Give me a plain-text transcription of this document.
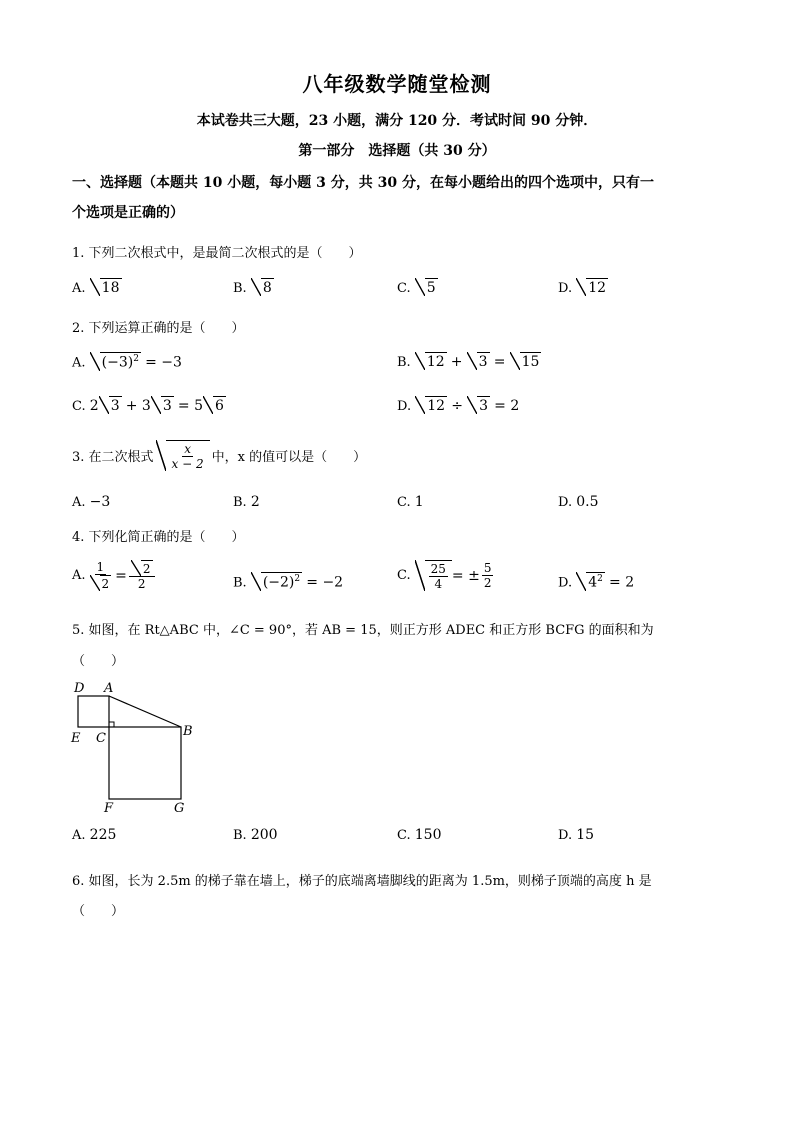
八年级数学随堂检测
本试卷共三大题，23 小题，满分 120 分．考试时间 90 分钟．
第一部分　选择题（共 30 分）
一、选择题（本题共 10 小题，每小题 3 分，共 30 分，在每小题给出的四个选项中，只有一
个选项是正确的）
1. 下列二次根式中，是最简二次根式的是（　　）
A. 18	B. 8	C. 5	D. 12
2. 下列运算正确的是（　　）
A. $(-3)^2 = -3$	B. 12 + 3 = 15
C. 2 3 + 3 3 = 5 6	D. 12 ÷ 3 = 2
3. 在二次根式 $\frac{x}{x - 2}$ 中，x 的值可以是（　　）
A. −3	B. 2	C. 1	D. 0.5
4. 下列化简正确的是（　　）
A. $\frac{1}{2} = \frac{2}{2}$	B. $(-2)^2 = -2$	C. $\frac{25}{4}$ = ± $\frac{5}{2}$	D. $4^2 = 2$
5. 如图，在 Rt△ABC 中，∠C = 90°，若 AB = 15，则正方形 ADEC 和正方形 BCFG 的面积和为
（　　）
D A
E C	B
F	G
A. 225	B. 200	C. 150	D. 15
6. 如图，长为 2.5m 的梯子靠在墙上，梯子的底端离墙脚线的距离为 1.5m，则梯子顶端的高度 h 是
（　　）
